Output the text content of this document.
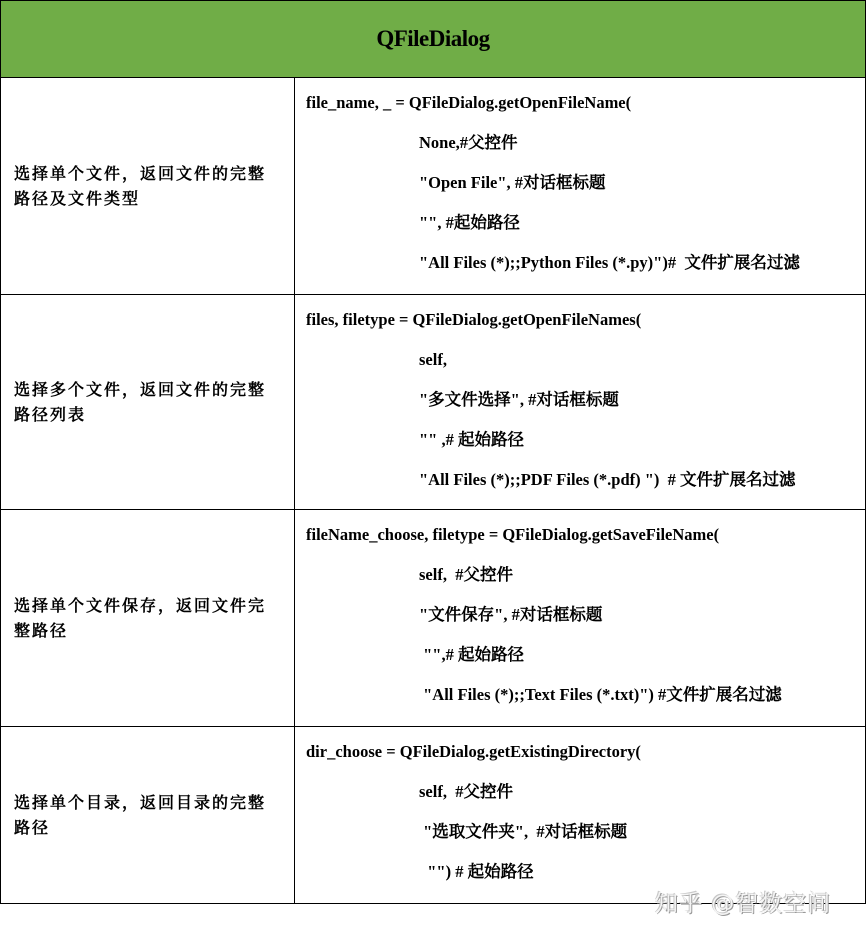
QFileDialog
选择单个文件，返回文件的完整路径及文件类型
file_name, _ = QFileDialog.getOpenFileName(
None,#父控件
"Open File", #对话框标题
"", #起始路径
"All Files (*);;Python Files (*.py)")#  文件扩展名过滤
选择多个文件，返回文件的完整路径列表
files, filetype = QFileDialog.getOpenFileNames(
self,
"多文件选择", #对话框标题
"" ,# 起始路径
"All Files (*);;PDF Files (*.pdf) ")  # 文件扩展名过滤
选择单个文件保存，返回文件完整路径
fileName_choose, filetype = QFileDialog.getSaveFileName(
self,  #父控件
"文件保存", #对话框标题
"",# 起始路径
"All Files (*);;Text Files (*.txt)") #文件扩展名过滤
选择单个目录，返回目录的完整路径
dir_choose = QFileDialog.getExistingDirectory(
self,  #父控件
"选取文件夹",  #对话框标题
"") # 起始路径
知乎 @智数空间
